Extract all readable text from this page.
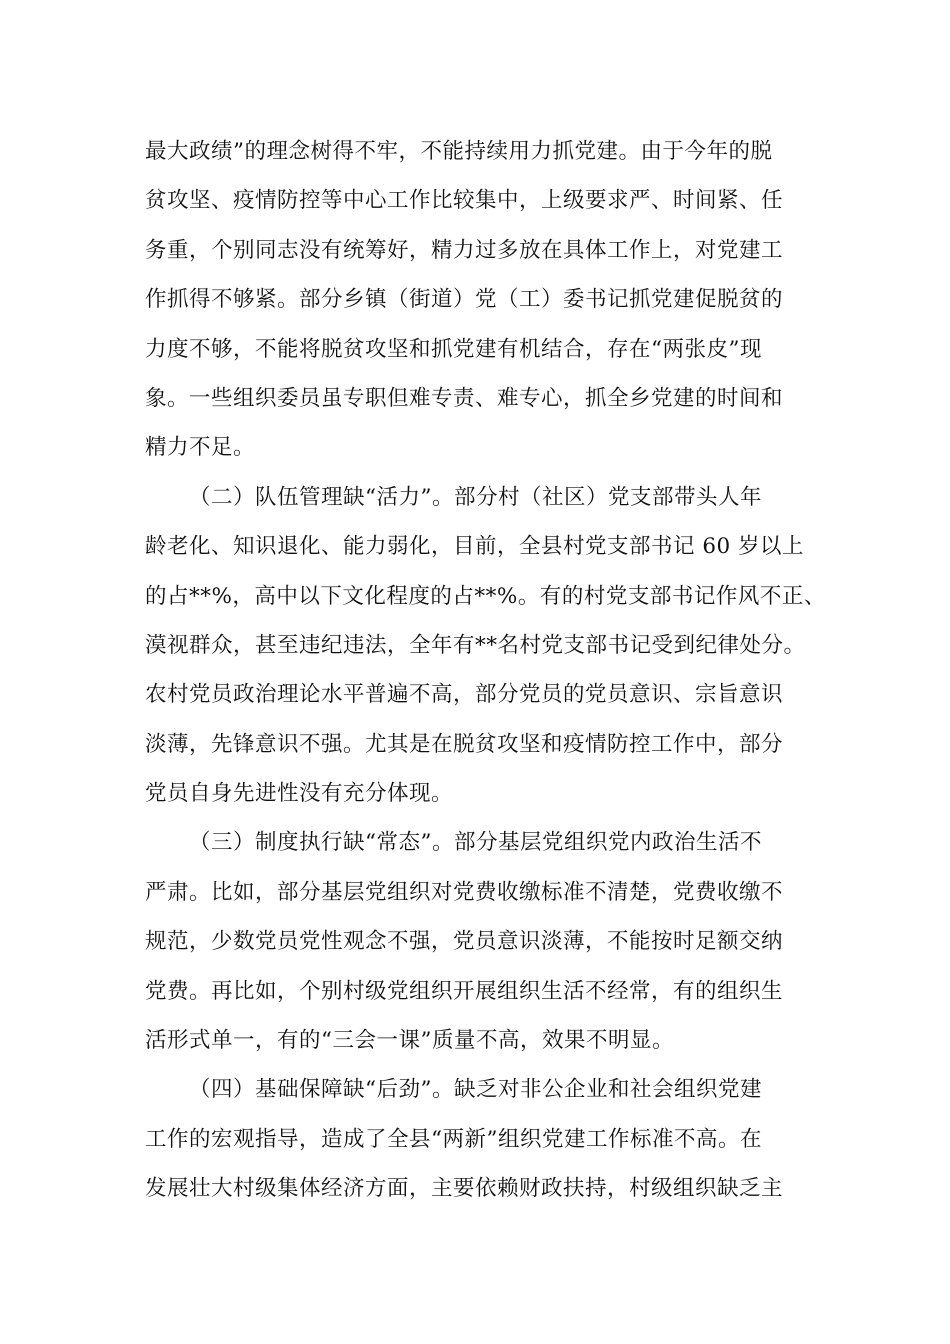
最大政绩”的理念树得不牢，不能持续用力抓党建。由于今年的脱
贫攻坚、疫情防控等中心工作比较集中，上级要求严、时间紧、任
务重，个别同志没有统筹好，精力过多放在具体工作上，对党建工
作抓得不够紧。部分乡镇（街道）党（工）委书记抓党建促脱贫的
力度不够，不能将脱贫攻坚和抓党建有机结合，存在“两张皮”现
象。一些组织委员虽专职但难专责、难专心，抓全乡党建的时间和
精力不足。
（二）队伍管理缺“活力”。部分村（社区）党支部带头人年
龄老化、知识退化、能力弱化，目前，全县村党支部书记 60 岁以上
的占**%，高中以下文化程度的占**%。有的村党支部书记作风不正、
漠视群众，甚至违纪违法，全年有**名村党支部书记受到纪律处分。
农村党员政治理论水平普遍不高，部分党员的党员意识、宗旨意识
淡薄，先锋意识不强。尤其是在脱贫攻坚和疫情防控工作中，部分
党员自身先进性没有充分体现。
（三）制度执行缺“常态”。部分基层党组织党内政治生活不
严肃。比如，部分基层党组织对党费收缴标准不清楚，党费收缴不
规范，少数党员党性观念不强，党员意识淡薄，不能按时足额交纳
党费。再比如，个别村级党组织开展组织生活不经常，有的组织生
活形式单一，有的“三会一课”质量不高，效果不明显。
（四）基础保障缺“后劲”。缺乏对非公企业和社会组织党建
工作的宏观指导，造成了全县“两新”组织党建工作标准不高。在
发展壮大村级集体经济方面，主要依赖财政扶持，村级组织缺乏主
